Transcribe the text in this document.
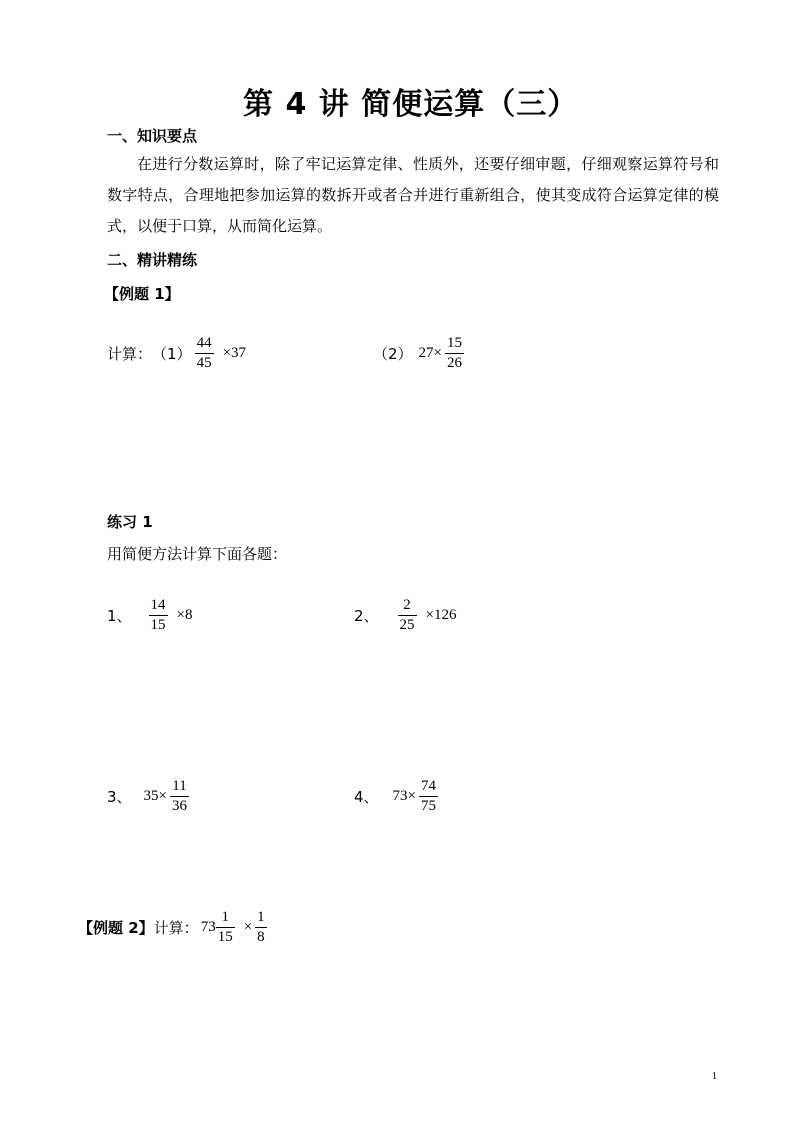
第 4 讲 简便运算（三）
一、知识要点

在进行分数运算时，除了牢记运算定律、性质外，还要仔细审题，仔细观察运算符号和数字特点，合理地把参加运算的数拆开或者合并进行重新组合，使其变成符合运算定律的模式，以便于口算，从而简化运算。

二、精讲精练
【例题 1】
计算： $(1) \frac{44}{45} \times 37$	（2） $27\times \frac{15}{26}$
练习 1
用简便方法计算下面各题：
1、 $\frac{14}{15} \times 8$	2、 $\frac{2}{25} \times 126$
3、 $35\times \frac{11}{36}$	4、 $73\times \frac{74}{75}$
【例题 2】 计算： $73 \frac{1}{15} \times \frac{1}{8}$
1
